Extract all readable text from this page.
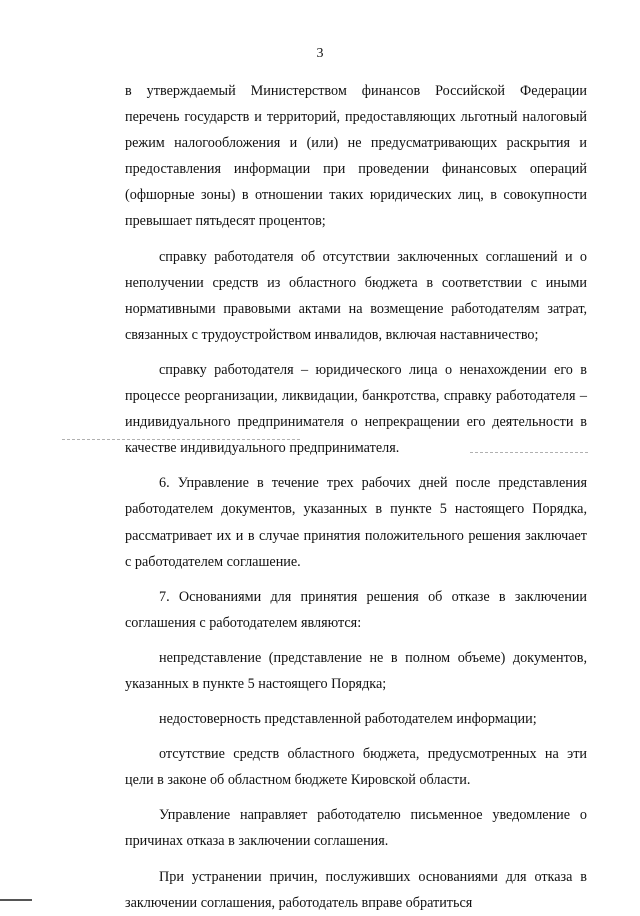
3

в утверждаемый Министерством финансов Российской Федерации перечень государств и территорий, предоставляющих льготный налоговый режим налогообложения и (или) не предусматривающих раскрытия и предоставления информации при проведении финансовых операций (офшорные зоны) в отношении таких юридических лиц, в совокупности превышает пятьдесят процентов;

справку работодателя об отсутствии заключенных соглашений и о неполучении средств из областного бюджета в соответствии с иными нормативными правовыми актами на возмещение работодателям затрат, связанных с трудоустройством инвалидов, включая наставничество;

справку работодателя – юридического лица о ненахождении его в процессе реорганизации, ликвидации, банкротства, справку работодателя – индивидуального предпринимателя о непрекращении его деятельности в качестве индивидуального предпринимателя.

6. Управление в течение трех рабочих дней после представления работодателем документов, указанных в пункте 5 настоящего Порядка, рассматривает их и в случае принятия положительного решения заключает с работодателем соглашение.

7. Основаниями для принятия решения об отказе в заключении соглашения с работодателем являются:

непредставление (представление не в полном объеме) документов, указанных в пункте 5 настоящего Порядка;

недостоверность представленной работодателем информации;

отсутствие средств областного бюджета, предусмотренных на эти цели в законе об областном бюджете Кировской области.

Управление направляет работодателю письменное уведомление о причинах отказа в заключении соглашения.

При устранении причин, послуживших основаниями для отказа в заключении соглашения, работодатель вправе обратиться
